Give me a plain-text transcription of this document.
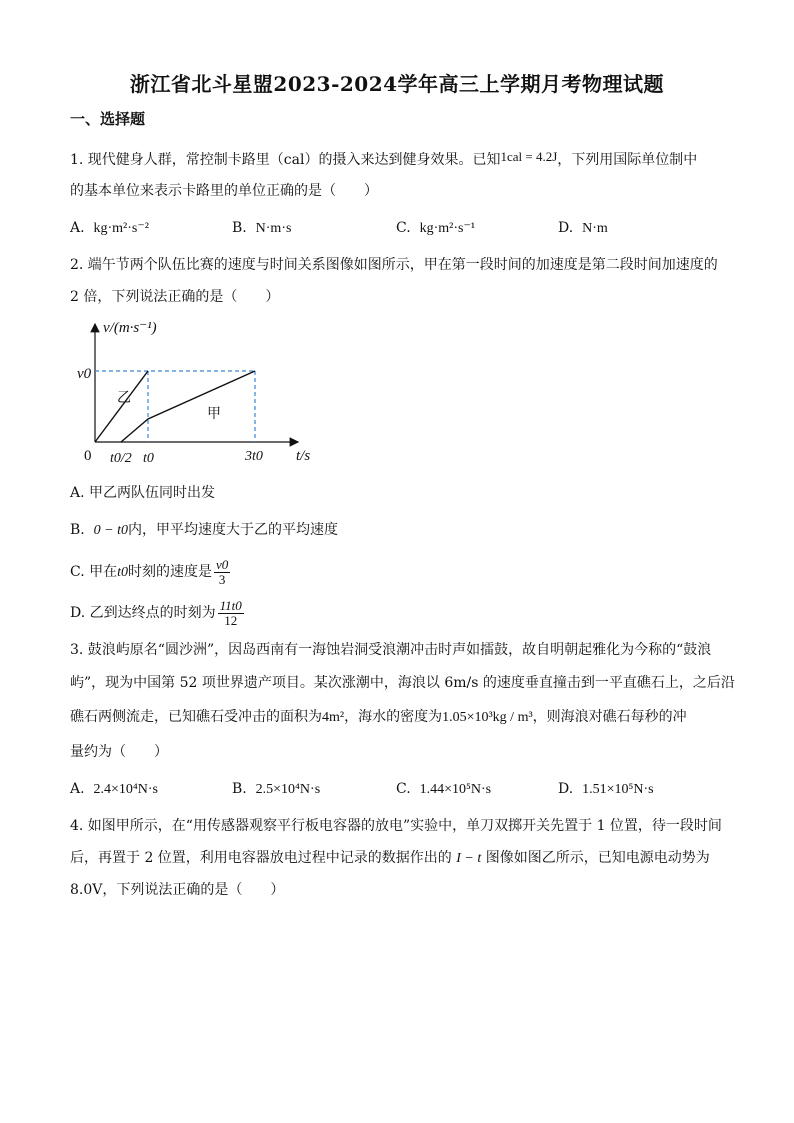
浙江省北斗星盟2023-2024学年高三上学期月考物理试题
一、选择题
1. 现代健身人群，常控制卡路里（cal）的摄入来达到健身效果。已知1cal = 4.2J，下列用国际单位制中
的基本单位来表示卡路里的单位正确的是（　　）
A. kg·m²·s⁻²	B. N·m·s	C. kg·m²·s⁻¹	D. N·m
2. 端午节两个队伍比赛的速度与时间关系图像如图所示，甲在第一段时间的加速度是第二段时间加速度的
2 倍，下列说法正确的是（　　）
v/(m·s⁻¹)
v0
乙
甲
0 t0/2 t0	3t0 t/s
A. 甲乙两队伍同时出发
B. 0 − t0内，甲平均速度大于乙的平均速度
C. 甲在t0时刻的速度是 $\frac{v0}{3}$
D. 乙到达终点的时刻为 $\frac{11t0}{12}$
3. 鼓浪屿原名“圆沙洲”，因岛西南有一海蚀岩洞受浪潮冲击时声如擂鼓，故自明朝起雅化为今称的“鼓浪
屿”，现为中国第 52 项世界遗产项目。某次涨潮中，海浪以 6m/s 的速度垂直撞击到一平直礁石上，之后沿
礁石两侧流走，已知礁石受冲击的面积为4m²，海水的密度为1.05×10³kg / m³，则海浪对礁石每秒的冲
量约为（　　）
A. 2.4×10⁴N·s	B. 2.5×10⁴N·s	C. 1.44×10⁵N·s	D. 1.51×10⁵N·s
4. 如图甲所示，在“用传感器观察平行板电容器的放电”实验中，单刀双掷开关先置于 1 位置，待一段时间
后，再置于 2 位置，利用电容器放电过程中记录的数据作出的 I − t 图像如图乙所示，已知电源电动势为
8.0V，下列说法正确的是（　　）
